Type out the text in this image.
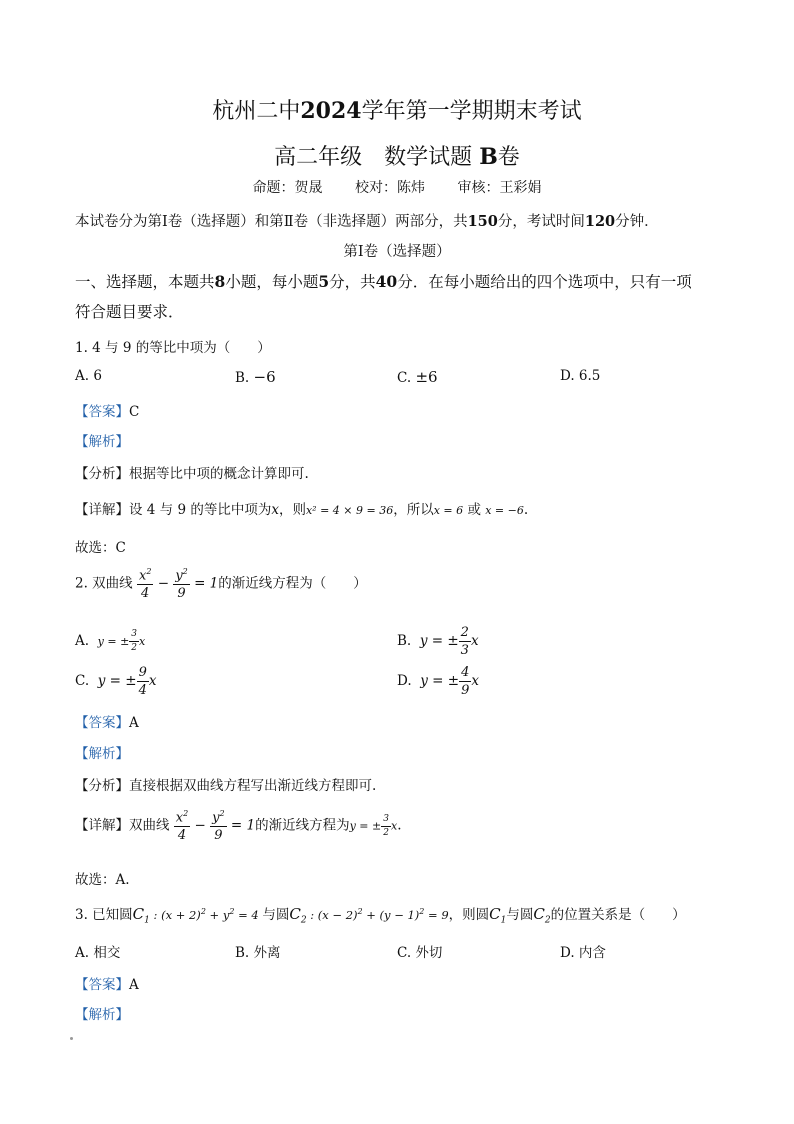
杭州二中2024学年第一学期期末考试
高二年级　数学试题 B卷
命题：贺晟 校对：陈炜 审核：王彩娟
本试卷分为第Ⅰ卷（选择题）和第Ⅱ卷（非选择题）两部分，共150分，考试时间120分钟．
第Ⅰ卷（选择题）
一、选择题，本题共8小题，每小题5分，共40分．在每小题给出的四个选项中，只有一项
符合题目要求．
1. 4 与 9 的等比中项为（　　）
A. 6	B. −6	C. ±6	D. 6.5
【答案】C
【解析】
【分析】根据等比中项的概念计算即可.
【详解】设 4 与 9 的等比中项为x，则x² = 4 × 9 = 36，所以x = 6 或 x = −6.
故选：C
2. 双曲线 $\frac{x^2}{4} - \frac{y^2}{9} = 1$的渐近线方程为（　　）
A. y = ± $\frac{3}{2}$ x	B. y = ± $\frac{2}{3}$ x
C. y = ± $\frac{9}{4}$ x	D. y = ± $\frac{4}{9}$ x
【答案】A
【解析】
【分析】直接根据双曲线方程写出渐近线方程即可.
【详解】双曲线 $\frac{x^2}{4} - \frac{y^2}{9} = 1$的渐近线方程为y = ± $\frac{3}{2} x$.
故选：A.
3. 已知圆$C_1$ : $(x + 2)^2 + y^2 = 4$ 与圆$C_2$ : $(x - 2)^2 + (y - 1)^2 = 9$，则圆$C_1$与圆$C_2$的位置关系是（　　）
A. 相交	B. 外离	C. 外切	D. 内含
【答案】A
【解析】
